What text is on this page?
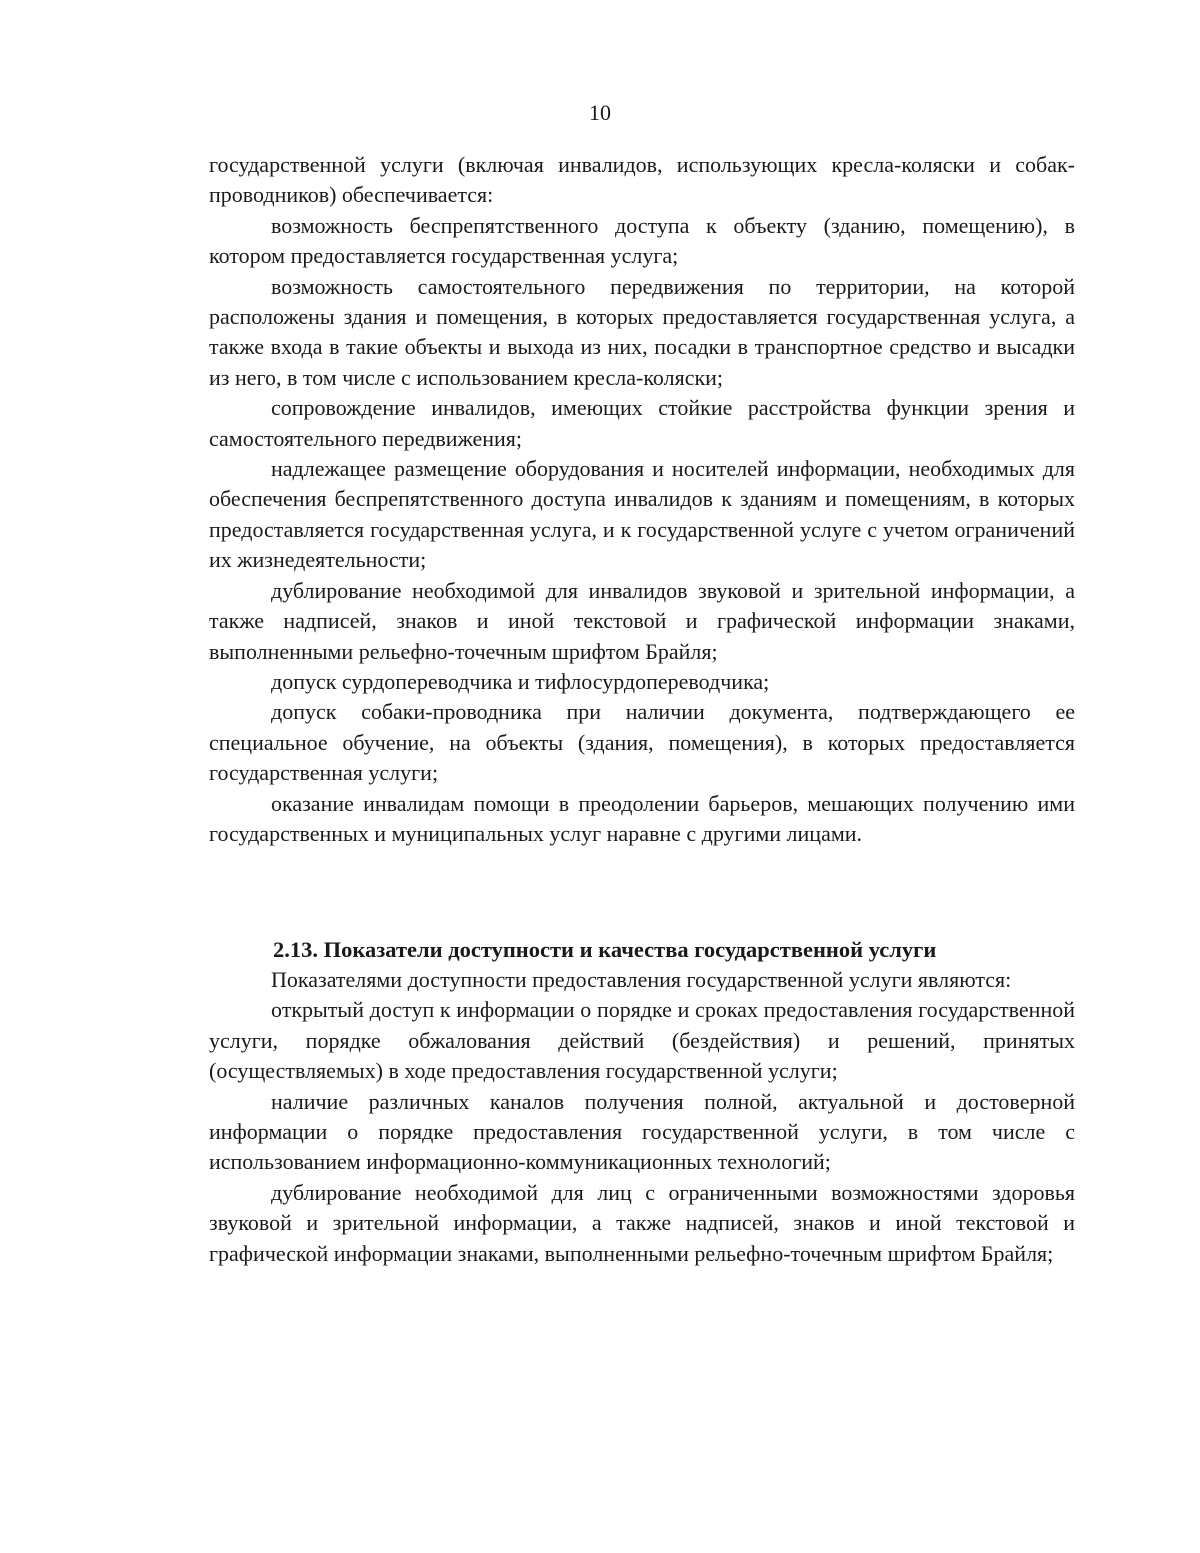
10

государственной услуги (включая инвалидов, использующих кресла-коляски и собак-проводников) обеспечивается:

возможность беспрепятственного доступа к объекту (зданию, помещению), в котором предоставляется государственная услуга;

возможность самостоятельного передвижения по территории, на которой расположены здания и помещения, в которых предоставляется государственная услуга, а также входа в такие объекты и выхода из них, посадки в транспортное средство и высадки из него, в том числе с использованием кресла-коляски;

сопровождение инвалидов, имеющих стойкие расстройства функции зрения и самостоятельного передвижения;

надлежащее размещение оборудования и носителей информации, необходимых для обеспечения беспрепятственного доступа инвалидов к зданиям и помещениям, в которых предоставляется государственная услуга, и к государственной услуге с учетом ограничений их жизнедеятельности;

дублирование необходимой для инвалидов звуковой и зрительной информации, а также надписей, знаков и иной текстовой и графической информации знаками, выполненными рельефно-точечным шрифтом Брайля;

допуск сурдопереводчика и тифлосурдопереводчика;

допуск собаки-проводника при наличии документа, подтверждающего ее специальное обучение, на объекты (здания, помещения), в которых предоставляется государственная услуги;

оказание инвалидам помощи в преодолении барьеров, мешающих получению ими государственных и муниципальных услуг наравне с другими лицами.

2.13. Показатели доступности и качества государственной услуги

Показателями доступности предоставления государственной услуги являются:

открытый доступ к информации о порядке и сроках предоставления государственной услуги, порядке обжалования действий (бездействия) и решений, принятых (осуществляемых) в ходе предоставления государственной услуги;

наличие различных каналов получения полной, актуальной и достоверной информации о порядке предоставления государственной услуги, в том числе с использованием информационно-коммуникационных технологий;

дублирование необходимой для лиц с ограниченными возможностями здоровья звуковой и зрительной информации, а также надписей, знаков и иной текстовой и графической информации знаками, выполненными рельефно-точечным шрифтом Брайля;
